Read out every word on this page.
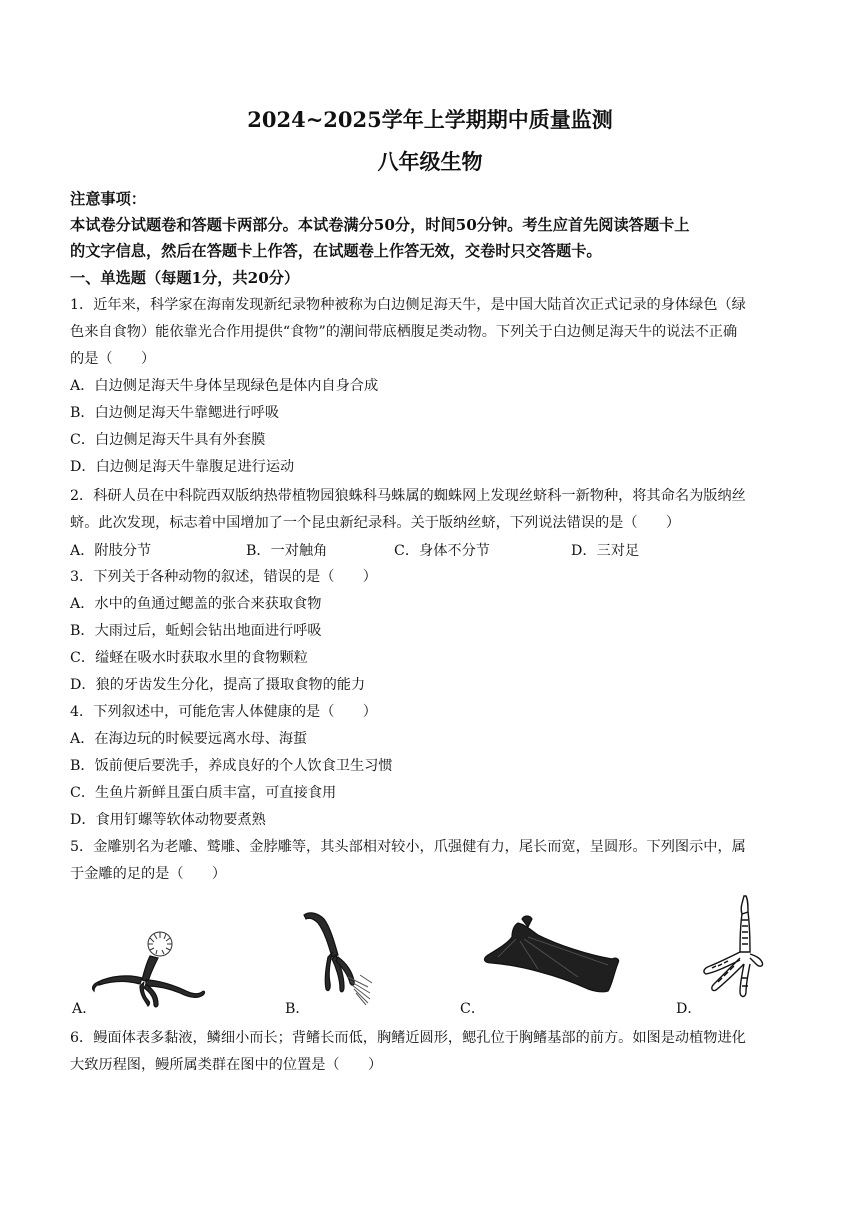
2024~2025学年上学期期中质量监测
八年级生物
注意事项：
本试卷分试题卷和答题卡两部分。本试卷满分50分，时间50分钟。考生应首先阅读答题卡上
的文字信息，然后在答题卡上作答，在试题卷上作答无效，交卷时只交答题卡。
一、单选题（每题1分，共20分）
1．近年来，科学家在海南发现新纪录物种被称为白边侧足海天牛，是中国大陆首次正式记录的身体绿色（绿
色来自食物）能依靠光合作用提供“食物”的潮间带底栖腹足类动物。下列关于白边侧足海天牛的说法不正确
的是（　　）
A．白边侧足海天牛身体呈现绿色是体内自身合成
B．白边侧足海天牛靠鳃进行呼吸
C．白边侧足海天牛具有外套膜
D．白边侧足海天牛靠腹足进行运动
2．科研人员在中科院西双版纳热带植物园狼蛛科马蛛属的蜘蛛网上发现丝蛴科一新物种，将其命名为版纳丝
蛴。此次发现，标志着中国增加了一个昆虫新纪录科。关于版纳丝蛴，下列说法错误的是（　　）
A．附肢分节	B．一对触角	C．身体不分节	D．三对足
3．下列关于各种动物的叙述，错误的是（　　）
A．水中的鱼通过鳃盖的张合来获取食物
B．大雨过后，蚯蚓会钻出地面进行呼吸
C．缢蛏在吸水时获取水里的食物颗粒
D．狼的牙齿发生分化，提高了摄取食物的能力
4．下列叙述中，可能危害人体健康的是（　　）
A．在海边玩的时候要远离水母、海蜇
B．饭前便后要洗手，养成良好的个人饮食卫生习惯
C．生鱼片新鲜且蛋白质丰富，可直接食用
D．食用钉螺等软体动物要煮熟
5．金雕别名为老雕、鹫雕、金脖雕等，其头部相对较小，爪强健有力，尾长而宽，呈圆形。下列图示中，属
于金雕的足的是（　　）
A．	B．	C．	D．
6．鳗面体表多黏液，鳞细小而长；背鳍长而低，胸鳍近圆形，鳃孔位于胸鳍基部的前方。如图是动植物进化
大致历程图，鳗所属类群在图中的位置是（　　）
